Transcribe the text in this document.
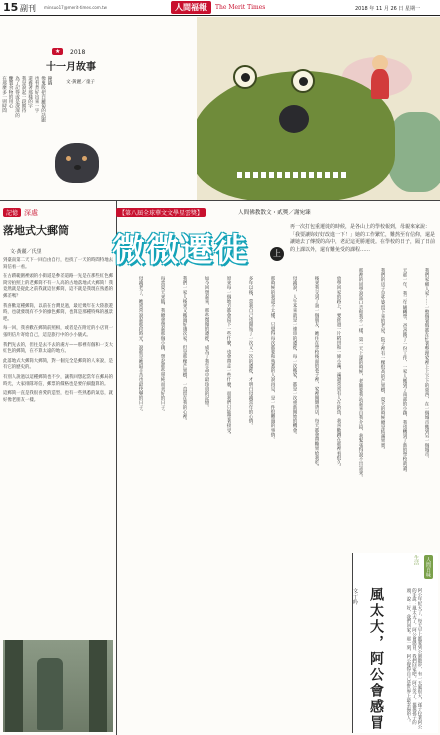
15 副刊 minsuo17@merit-times.com.tw	人間福報	The Merit Times	2018 年 11 月 26 日 星期一
★	2018
十一月故事
文·黃麗／童子
鐘鍋
像鬼般把白蘿蔔的話題
也有煮好出來一字
還養著那樣的字
我是說起一段期待
為了記得或是深深的
醃製食物的用心
在那麼多一則時間
記憶 深處
落地式大郵筒
文·黃麗／氏里
到臺南第二天下一回自由自行，也找了一天的時間特地去寫信看一看。
在古蹟範圍裡頭的小街道是參差道路一先是在那些紅色郵筒旁拍照上的老郵筒不有一人高的古地落地式大郵筒！我竟然就是從此之前我就這位郵筒，這不就是我現在熟悉的郵差嗎？
我喜歡這種郵筒，以前在台灣見過，最近幾年在大陸旅遊時，也就發現有不少的綠色郵筒，也算是那種特殊的風景吧。
每一回，我喜歡在郵筒前照相，或者是在附近的小店買一張明信片寄給自己，這是旅行中的小小儀式。
我們先去的，但往是去不去的處方——那裡有個和一支大紅色的郵筒，在不算太遠的地方。
此落地式大郵筒大郵筒，對一個完全是郵筒的人來說，是有它的歷史的。
有別人說過以這種郵筒也不少，讓我回想起當年在郵局的時光，大家排隊寄信，郵票的價格也是要仔細盤算的。
這郵筒一直是我很喜愛的造型，也有一些熟悉的氣息，就好像老朋友一樣。
【第八屆全球華文文學星雲獎】	人間佛教散文・貳獎／謝宛臻
微微遷徙	上
再一次打包重遷徙的時候，是各山上的學校報到，母親來家說：「我要讓妳好好改進一下！」她的工作繁忙，難熬至有信仰，還是讓她去了傳授的高中，老記這更勝遷徙。在學校的日子，隔了日前的上課以外，還有難免受的課程……
我們家鄉人家……一整個暑假都在忙著整理家裡上上下下的東西，在一個城市搬到另一個城市，
天那一年，我二年級轉學，爸爸換了一份工作，一家人搬到了南部的小鎮，我也轉到了新的學校就讀。
我們的房子是外婆留下來的老屋，院子裡有一棵很高的芒果樹，夏天的時候總是結滿果實。
那裡的同學說話口音和我不一樣，第一天上課的時候，老師要我站起來自我介紹，我緊張得說不出話來。
放學回家的路上，要經過一片稻田和一條小溪，溪邊常常有人在釣魚，我喜歡蹲在那裡看很久。
後來我交到了第一個朋友，她住在學校後面的巷子裡，家裡開雜貨店，每天都會帶糖果給我吃。
母親說，人生本來就是一連串的遷徙，每一次搬家，都是一次重新開始的機會。
那時候的我還不太懂，只覺得每次都要和熟悉的人說再見，是一件很難過的事情。
多年以後，當我自己也開始了一次又一次的遷徙，才明白母親當年的心情。
原來每一個地方都會留下一些什麼，也會帶走一些什麼，而我們只能學著接受。
如今回想起來，那些微微的遷徙，成為了我生命中最珍貴的記憶。
我們一家人後來又搬過好幾次家，但是那棵芒果樹，一直留在我的心裡。
每當夏天來臨，我總會想起那個小鎮，想起那些單純而美好的日子。
母親老了，她常常說起那段時光，說那是她最辛苦也最快樂的日子。
人間百味
生活
風太大，阿公會感冒
文·丁吟	阿公年紀大了，每天早上都要到公園散步，有一天風很大，孫子拉著阿公的手說：風太大了，阿公會感冒，我們回家吧。阿公笑了，摸摸孫子的頭，說：好，我們回家。那一刻，阿公覺得自己是世界上最幸福的人。
